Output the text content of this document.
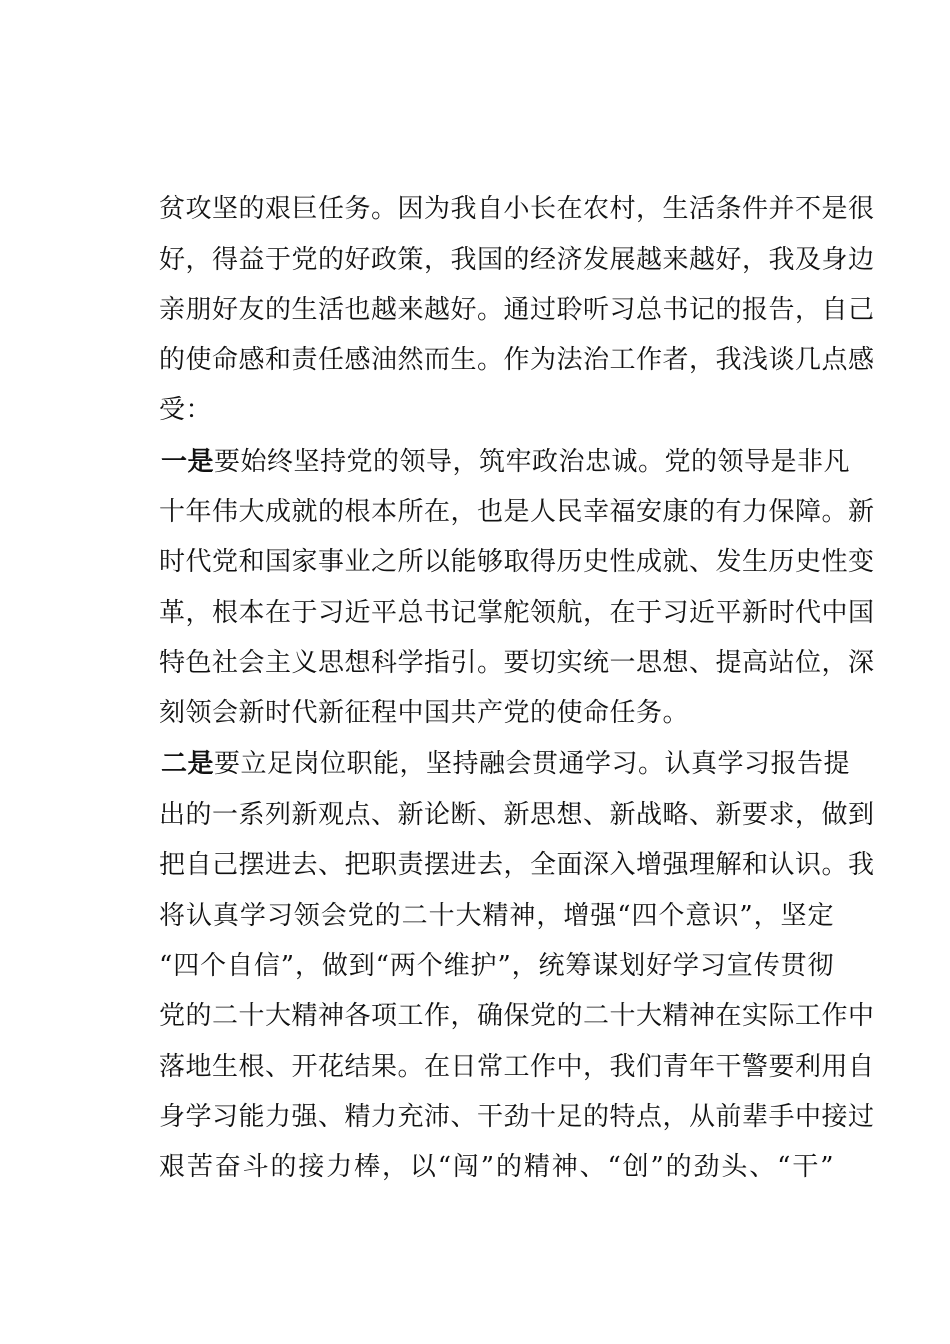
贫攻坚的艰巨任务。因为我自小长在农村，生活条件并不是很
好，得益于党的好政策，我国的经济发展越来越好，我及身边
亲朋好友的生活也越来越好。通过聆听习总书记的报告，自己
的使命感和责任感油然而生。作为法治工作者，我浅谈几点感
受：
一是要始终坚持党的领导，筑牢政治忠诚。党的领导是非凡
十年伟大成就的根本所在，也是人民幸福安康的有力保障。新
时代党和国家事业之所以能够取得历史性成就、发生历史性变
革，根本在于习近平总书记掌舵领航，在于习近平新时代中国
特色社会主义思想科学指引。要切实统一思想、提高站位，深
刻领会新时代新征程中国共产党的使命任务。
二是要立足岗位职能，坚持融会贯通学习。认真学习报告提
出的一系列新观点、新论断、新思想、新战略、新要求，做到
把自己摆进去、把职责摆进去，全面深入增强理解和认识。我
将认真学习领会党的二十大精神，增强“四个意识”，坚定
“四个自信”，做到“两个维护”，统筹谋划好学习宣传贯彻
党的二十大精神各项工作，确保党的二十大精神在实际工作中
落地生根、开花结果。在日常工作中，我们青年干警要利用自
身学习能力强、精力充沛、干劲十足的特点，从前辈手中接过
艰苦奋斗的接力棒，以“闯”的精神、“创”的劲头、“干”
